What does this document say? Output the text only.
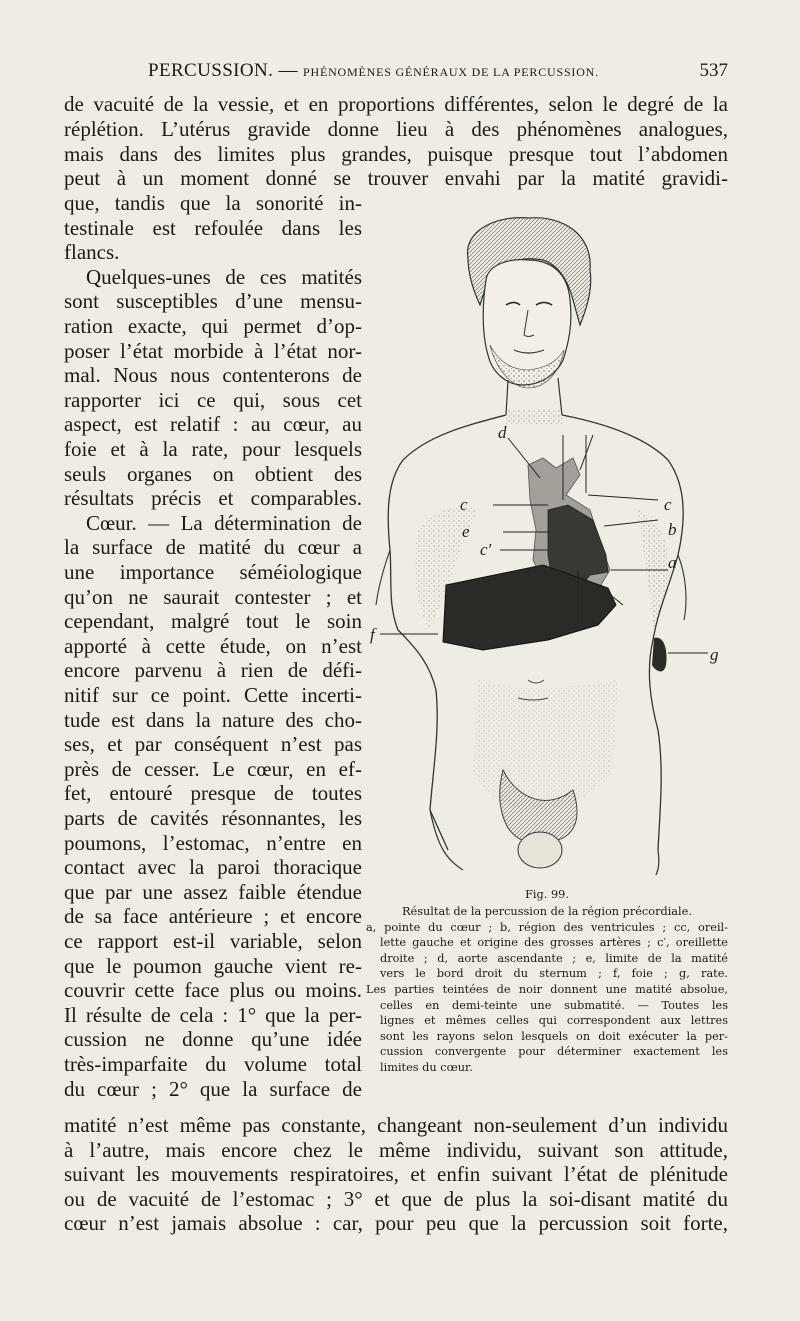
PERCUSSION. — PHÉNOMÈNES GÉNÉRAUX DE LA PERCUSSION.	537
de vacuité de la vessie, et en proportions différentes, selon le degré de la
réplétion. L’utérus gravide donne lieu à des phénomènes analogues,
mais dans des limites plus grandes, puisque presque tout l’abdomen
peut à un moment donné se trouver envahi par la matité gravidi-
que, tandis que la sonorité in-
testinale est refoulée dans les
flancs.
Quelques-unes de ces matités
sont susceptibles d’une mensu-
ration exacte, qui permet d’op-
poser l’état morbide à l’état nor-
mal. Nous nous contenterons de
rapporter ici ce qui, sous cet
aspect, est relatif : au cœur, au
foie et à la rate, pour lesquels
seuls organes on obtient des
résultats précis et comparables.
Cœur. — La détermination de
la surface de matité du cœur a
une importance séméiologique
qu’on ne saurait contester ; et
cependant, malgré tout le soin
apporté à cette étude, on n’est
encore parvenu à rien de défi-
nitif sur ce point. Cette incerti-
tude est dans la nature des cho-
ses, et par conséquent n’est pas
près de cesser. Le cœur, en ef-
fet, entouré presque de toutes
parts de cavités résonnantes, les
poumons, l’estomac, n’entre en
contact avec la paroi thoracique
que par une assez faible étendue
de sa face antérieure ; et encore
ce rapport est-il variable, selon
que le poumon gauche vient re-
couvrir cette face plus ou moins.
Il résulte de cela : 1° que la per-
cussion ne donne qu’une idée
très-imparfaite du volume total
du cœur ; 2° que la surface de
matité n’est même pas constante, changeant non-seulement d’un individu
à l’autre, mais encore chez le même individu, suivant son attitude,
suivant les mouvements respiratoires, et enfin suivant l’état de plénitude
ou de vacuité de l’estomac ; 3° et que de plus la soi-disant matité du
cœur n’est jamais absolue : car, pour peu que la percussion soit forte,
d
c	c
e	b
c′
a
f
g
Fig. 99.
Résultat de la percussion de la région précordiale.
a, pointe du cœur ; b, région des ventricules ; cc, oreil-
lette gauche et origine des grosses artères ; c′, oreillette
droite ; d, aorte ascendante ; e, limite de la matité
vers le bord droit du sternum ; f, foie ; g, rate.
Les parties teintées de noir donnent une matité absolue,
celles en demi-teinte une submatité. — Toutes les
lignes et mêmes celles qui correspondent aux lettres
sont les rayons selon lesquels on doit exécuter la per-
cussion convergente pour déterminer exactement les
limites du cœur.
